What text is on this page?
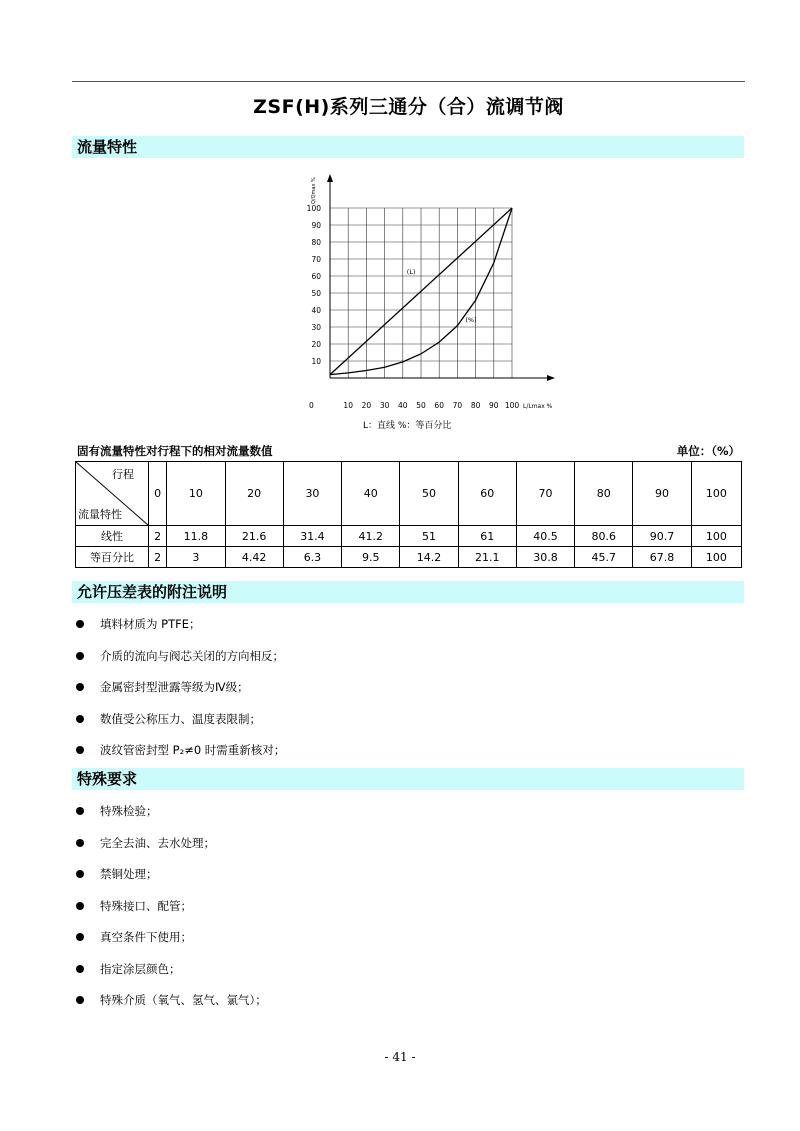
ZSF(H)系列三通分（合）流调节阀
流量特性
0	10 20 30 40 50 60 70 80 90 100
10
20
30
40
50
60
70
80
90
100
Q/Qmax %
L/Lmax %
(L)
(%)
L：直线 %：等百分比
固有流量特性对行程下的相对流量数值	单位：（%）
行程
流量特性	0	10	20	30	40	50	60	70	80	90	100
线性	2	11.8	21.6	31.4	41.2	51	61	40.5	80.6	90.7	100
等百分比	2	3	4.42	6.3	9.5	14.2	21.1	30.8	45.7	67.8	100
允许压差表的附注说明
填料材质为 PTFE；
介质的流向与阀芯关闭的方向相反；
金属密封型泄露等级为Ⅳ级；
数值受公称压力、温度表限制；
波纹管密封型 P₂≠0 时需重新核对；
特殊要求
特殊检验；
完全去油、去水处理；
禁铜处理；
特殊接口、配管；
真空条件下使用；
指定涂层颜色；
特殊介质（氧气、氢气、氯气）；
- 41 -
